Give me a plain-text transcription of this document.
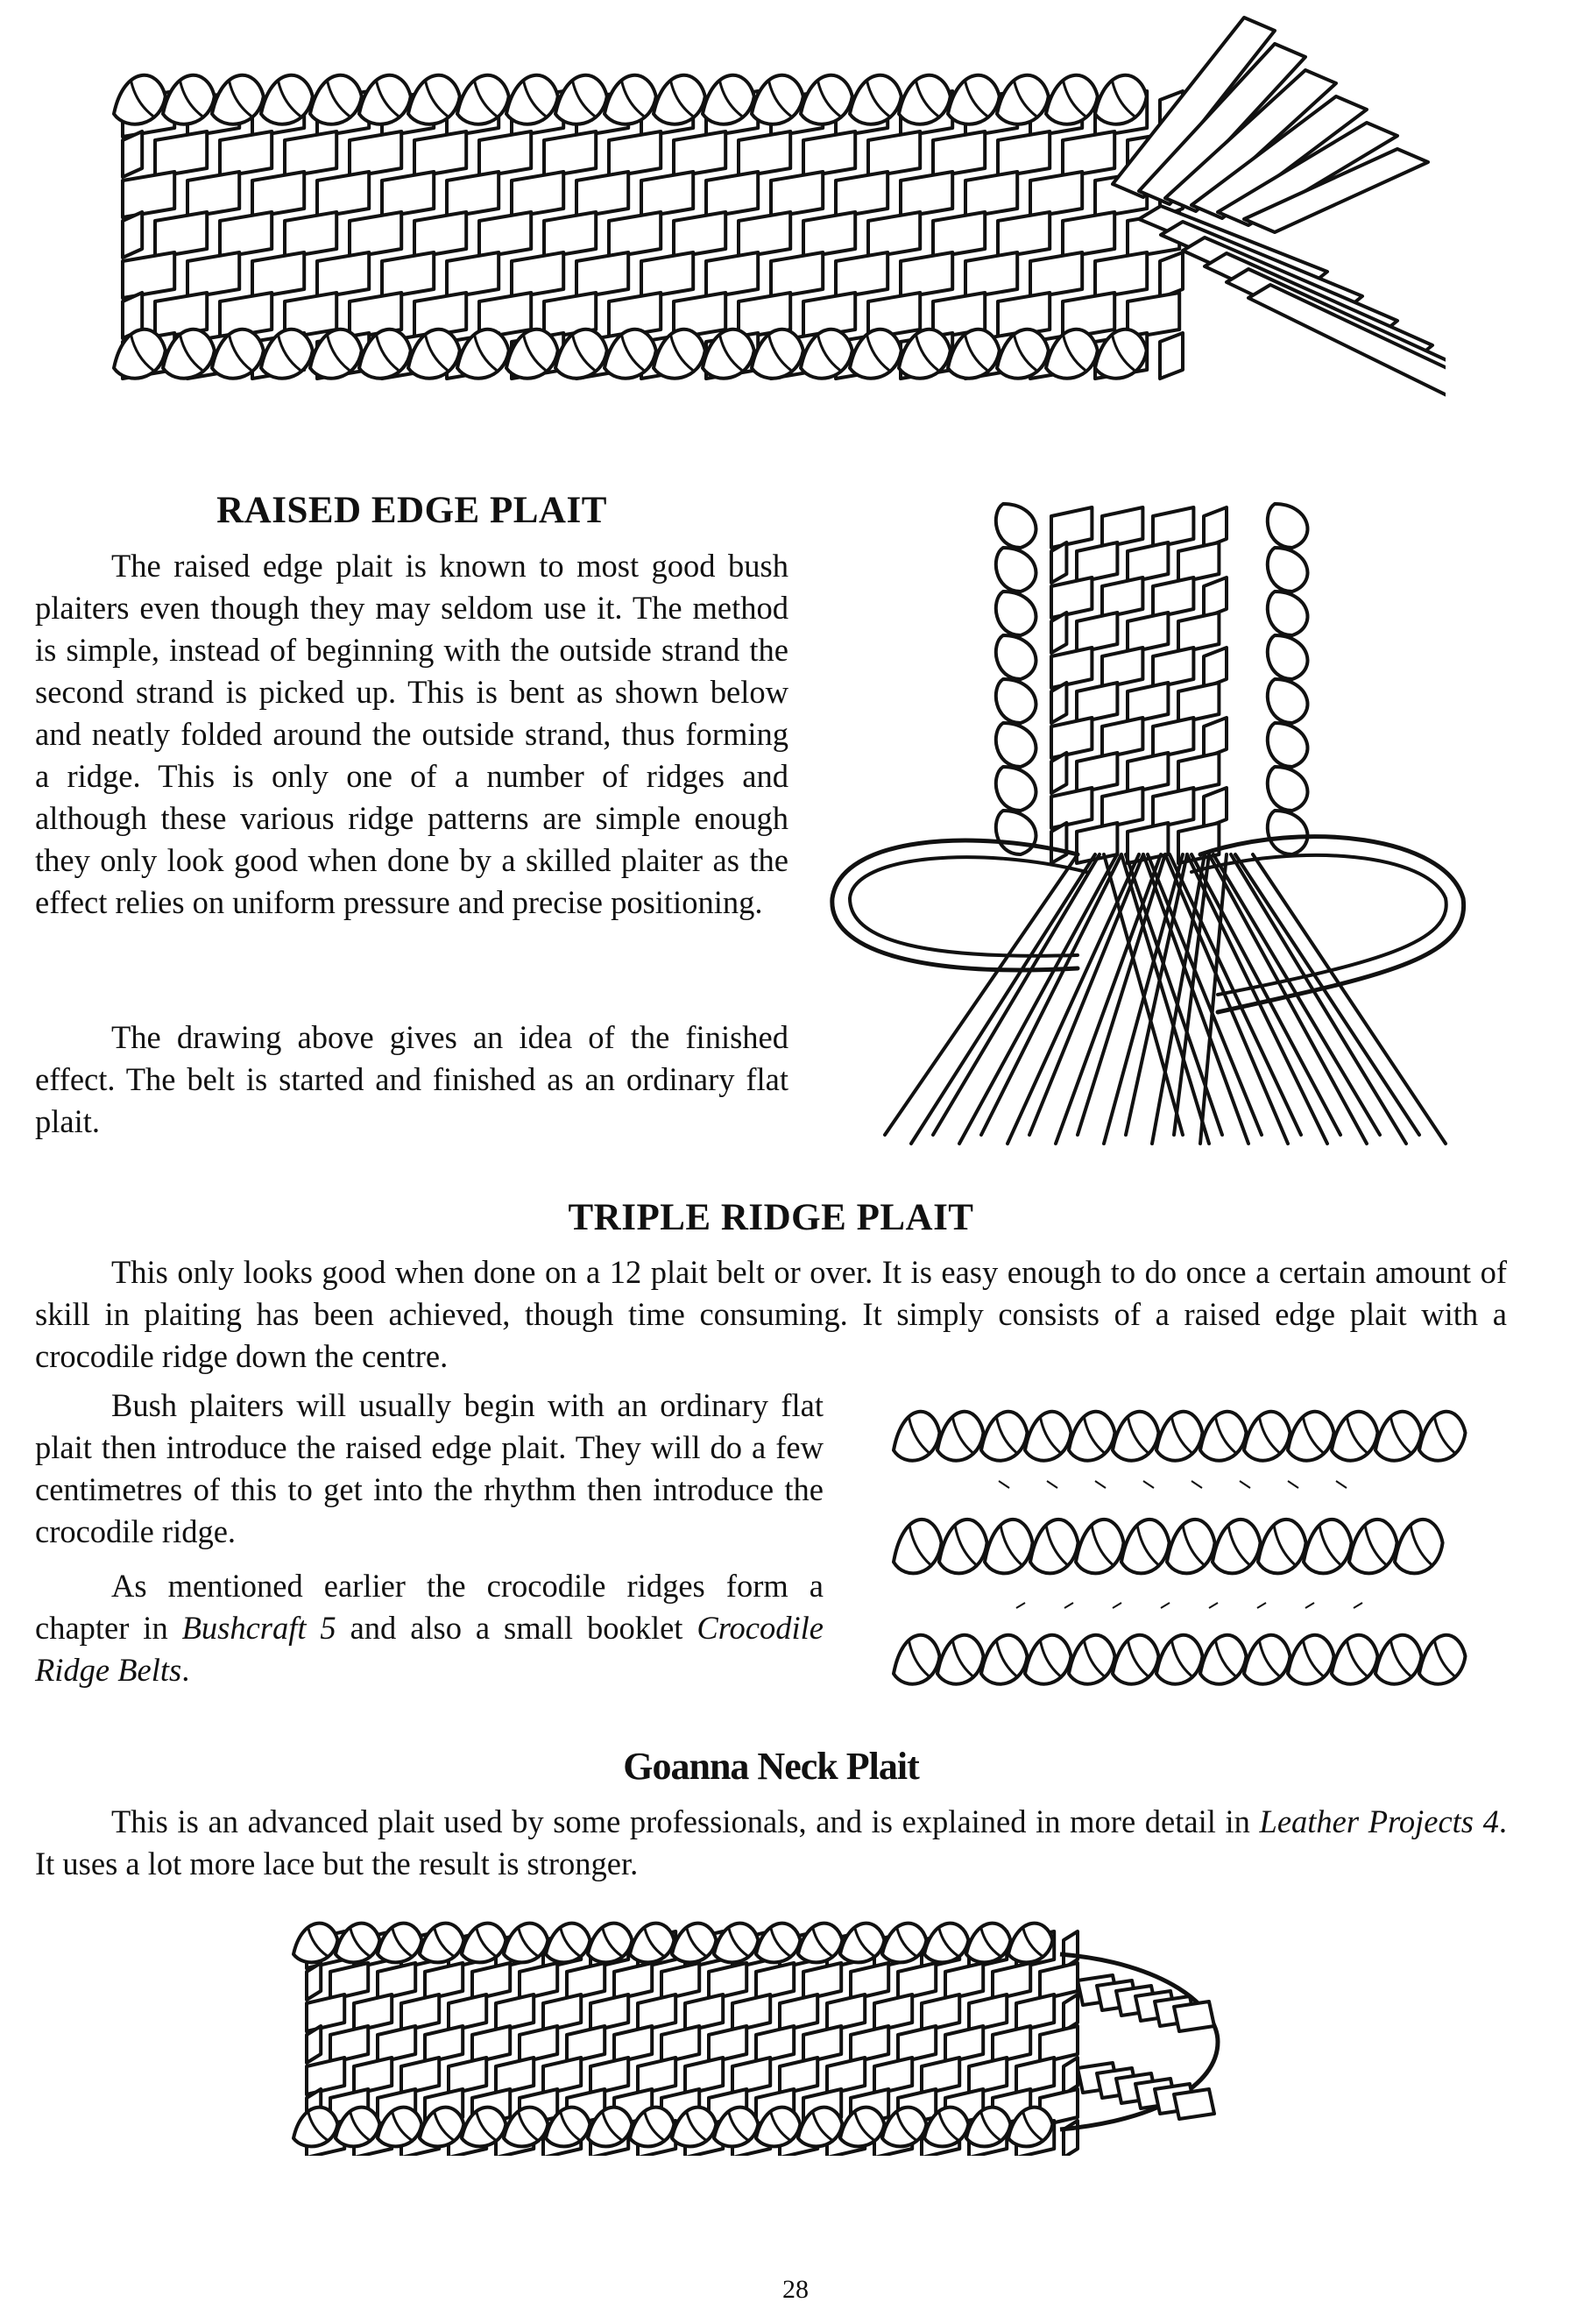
RAISED EDGE PLAIT

The raised edge plait is known to most good bush plaiters even though they may seldom use it. The method is simple, instead of beginning with the outside strand the second strand is picked up. This is bent as shown below and neatly folded around the outside strand, thus forming a ridge. This is only one of a number of ridges and although these various ridge patterns are simple enough they only look good when done by a skilled plaiter as the effect relies on uniform pressure and precise positioning.

The drawing above gives an idea of the finished effect. The belt is started and finished as an ordinary flat plait.

TRIPLE RIDGE PLAIT

This only looks good when done on a 12 plait belt or over. It is easy enough to do once a certain amount of skill in plaiting has been achieved, though time consuming. It simply consists of a raised edge plait with a crocodile ridge down the centre.

Bush plaiters will usually begin with an ordinary flat plait then introduce the raised edge plait. They will do a few centimetres of this to get into the rhythm then introduce the crocodile ridge.

As mentioned earlier the crocodile ridges form a chapter in Bushcraft 5 and also a small booklet Crocodile Ridge Belts.

Goanna Neck Plait

This is an advanced plait used by some professionals, and is explained in more detail in Leather Projects 4. It uses a lot more lace but the result is stronger.

28
